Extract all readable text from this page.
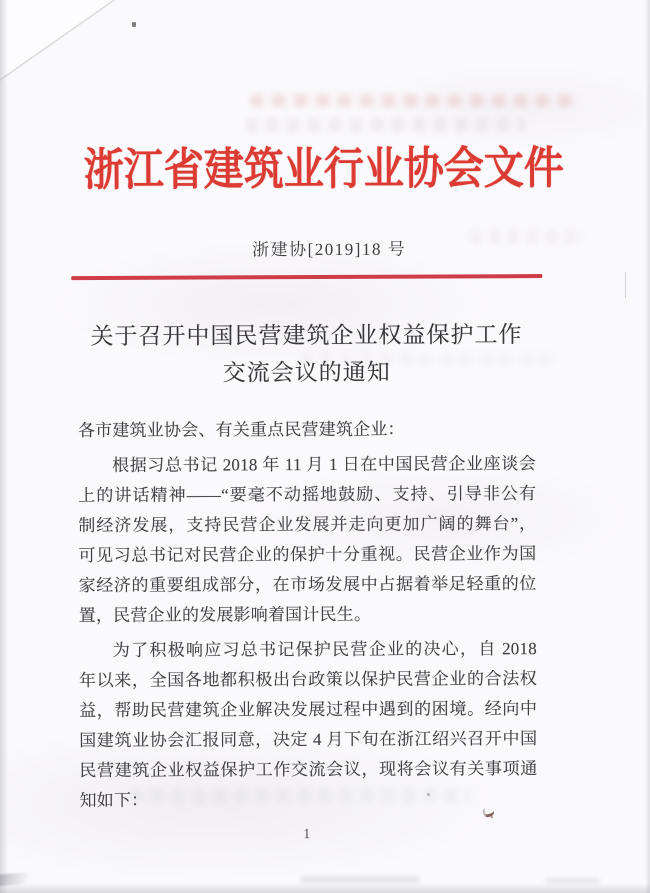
浙江省建筑业行业协会文件
浙建协[2019]18 号
关于召开中国民营建筑企业权益保护工作
交流会议的通知
各市建筑业协会、有关重点民营建筑企业：
根据习总书记 2018 年 11 月 1 日在中国民营企业座谈会
上的讲话精神——“要毫不动摇地鼓励、支持、引导非公有
制经济发展，支持民营企业发展并走向更加广阔的舞台”，
可见习总书记对民营企业的保护十分重视。民营企业作为国
家经济的重要组成部分，在市场发展中占据着举足轻重的位
置，民营企业的发展影响着国计民生。
为了积极响应习总书记保护民营企业的决心，自 2018
年以来，全国各地都积极出台政策以保护民营企业的合法权
益，帮助民营建筑企业解决发展过程中遇到的困境。经向中
国建筑业协会汇报同意，决定 4 月下旬在浙江绍兴召开中国
民营建筑企业权益保护工作交流会议，现将会议有关事项通
知如下：
1
